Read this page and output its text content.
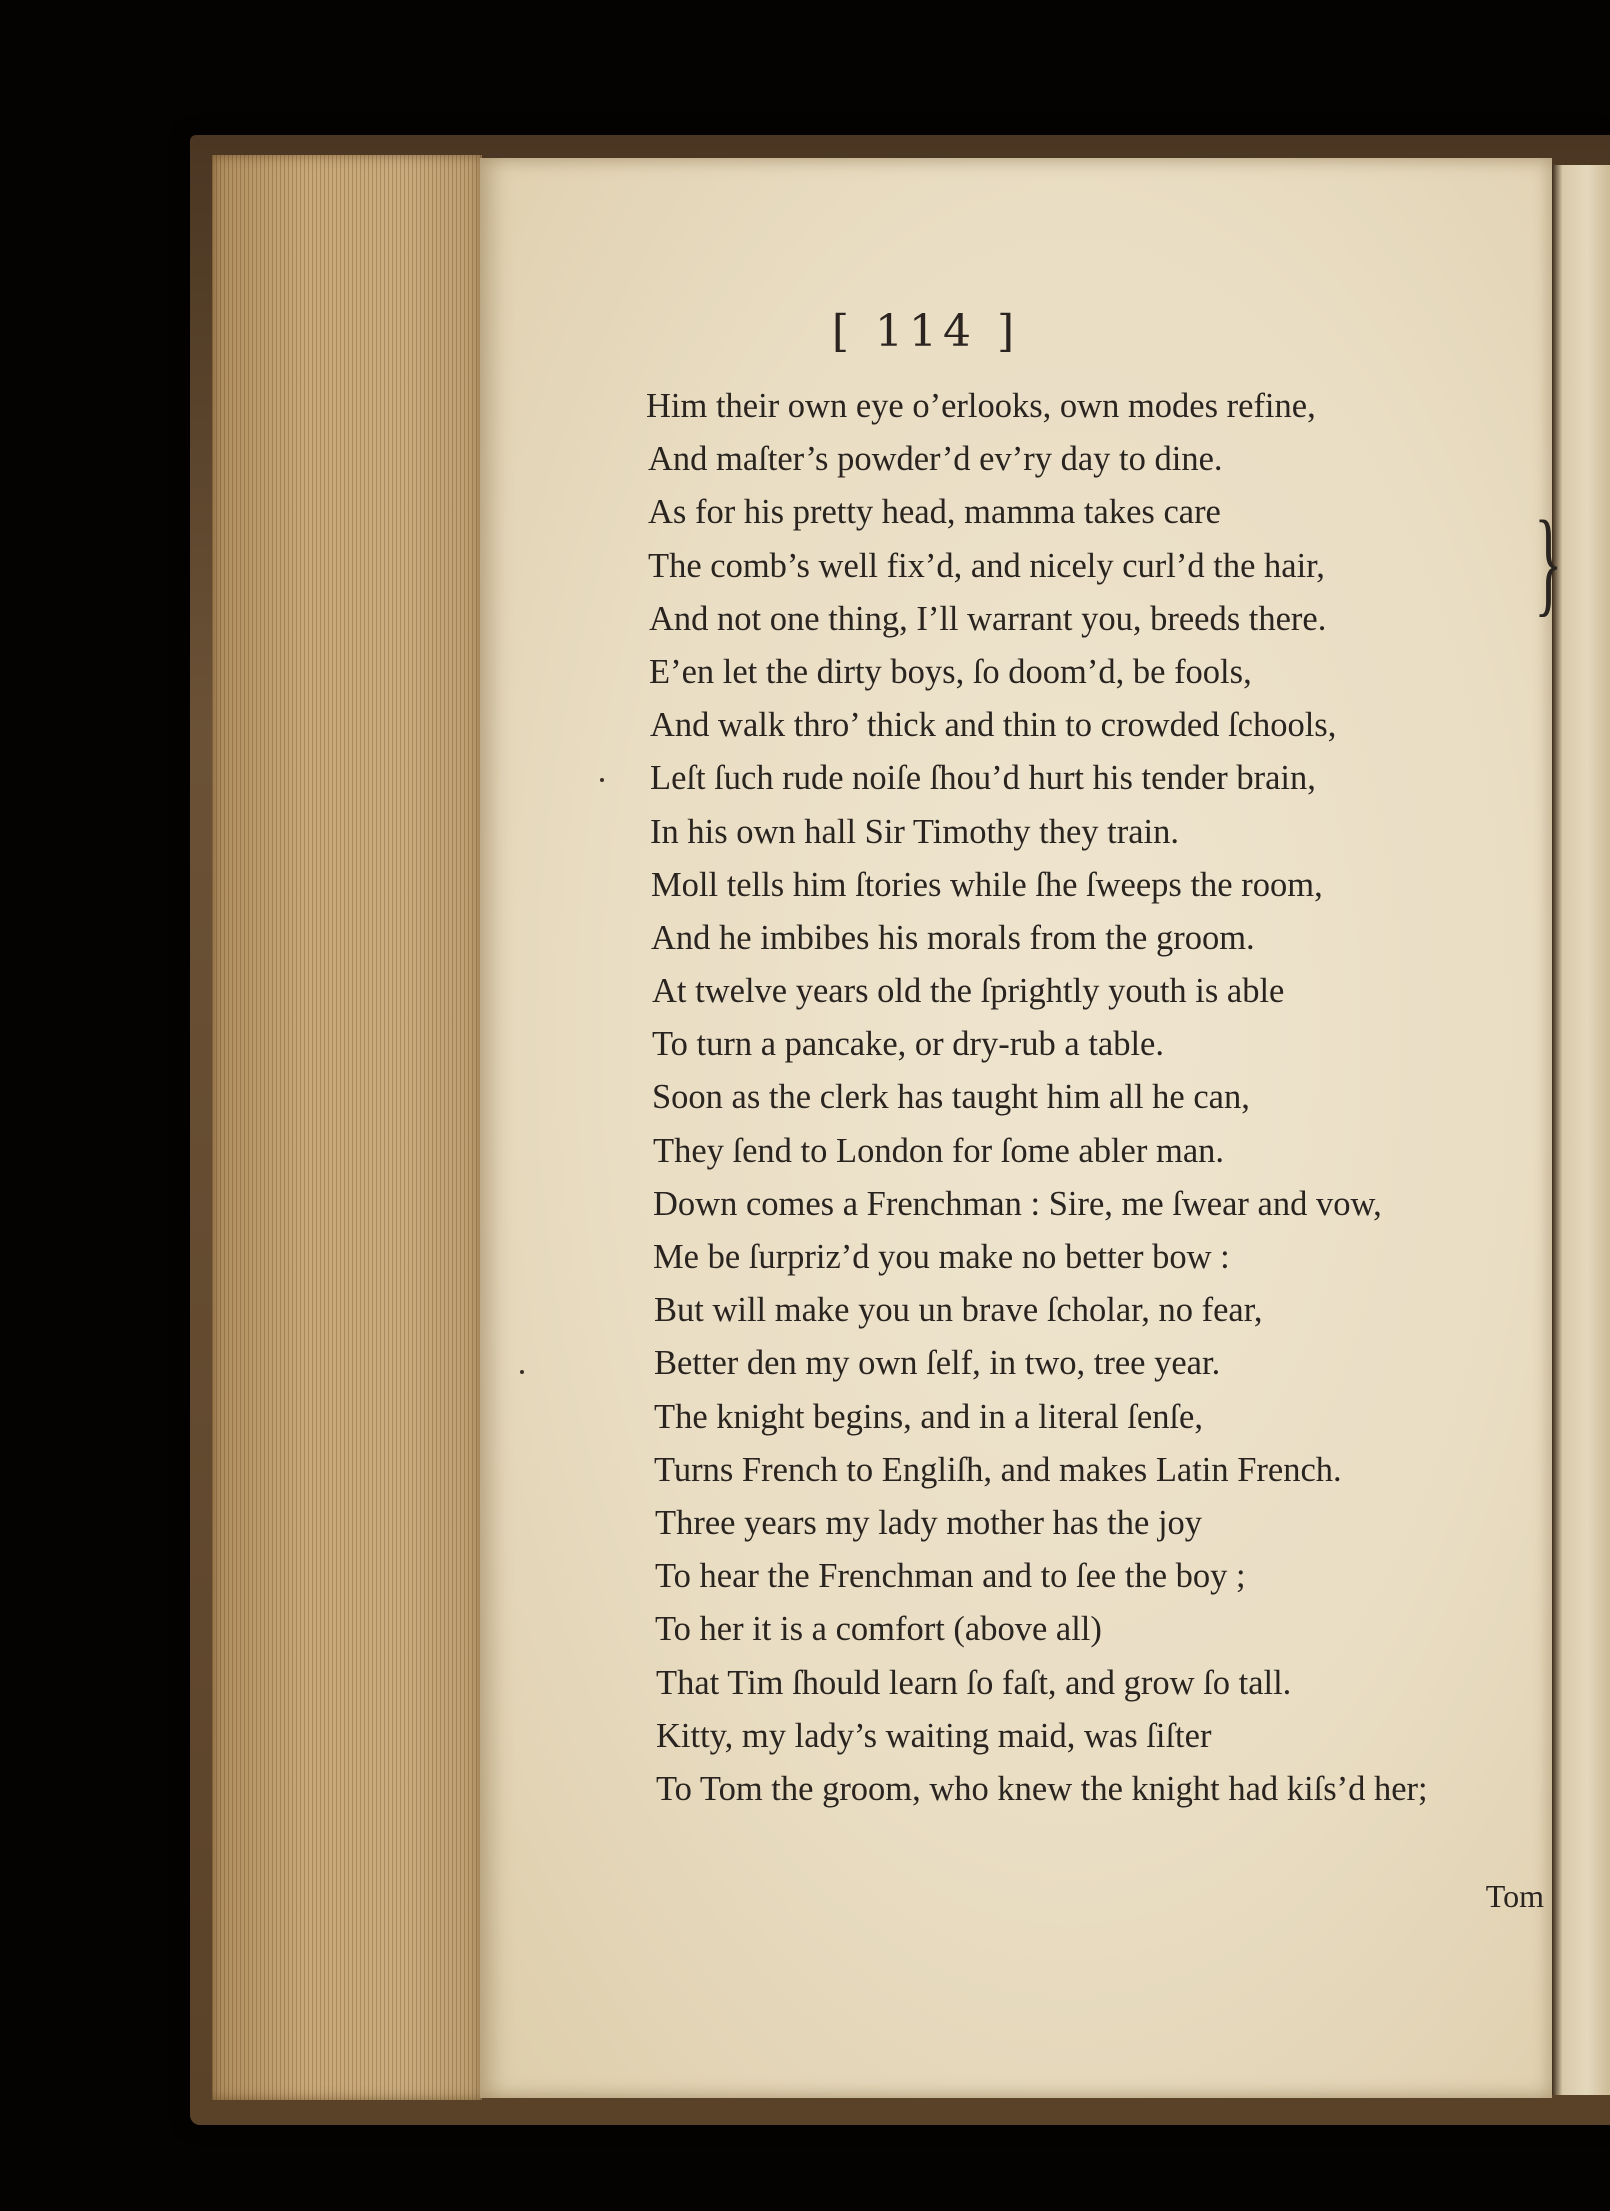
[ 114 ]
}
Him their own eye o’erlooks, own modes refine,
And maſter’s powder’d ev’ry day to dine.
As for his pretty head, mamma takes care
The comb’s well fix’d, and nicely curl’d the hair,
And not one thing, I’ll warrant you, breeds there.
E’en let the dirty boys, ſo doom’d, be fools,
And walk thro’ thick and thin to crowded ſchools,
Leſt ſuch rude noiſe ſhou’d hurt his tender brain,
In his own hall Sir Timothy they train.
Moll tells him ſtories while ſhe ſweeps the room,
And he imbibes his morals from the groom.
At twelve years old the ſprightly youth is able
To turn a pancake, or dry-rub a table.
Soon as the clerk has taught him all he can,
They ſend to London for ſome abler man.
Down comes a Frenchman : Sire, me ſwear and vow,
Me be ſurpriz’d you make no better bow :
But will make you un brave ſcholar, no fear,
Better den my own ſelf, in two, tree year.
The knight begins, and in a literal ſenſe,
Turns French to Engliſh, and makes Latin French.
Three years my lady mother has the joy
To hear the Frenchman and to ſee the boy ;
To her it is a comfort (above all)
That Tim ſhould learn ſo faſt, and grow ſo tall.
Kitty, my lady’s waiting maid, was ſiſter
To Tom the groom, who knew the knight had kiſs’d her;
Tom
